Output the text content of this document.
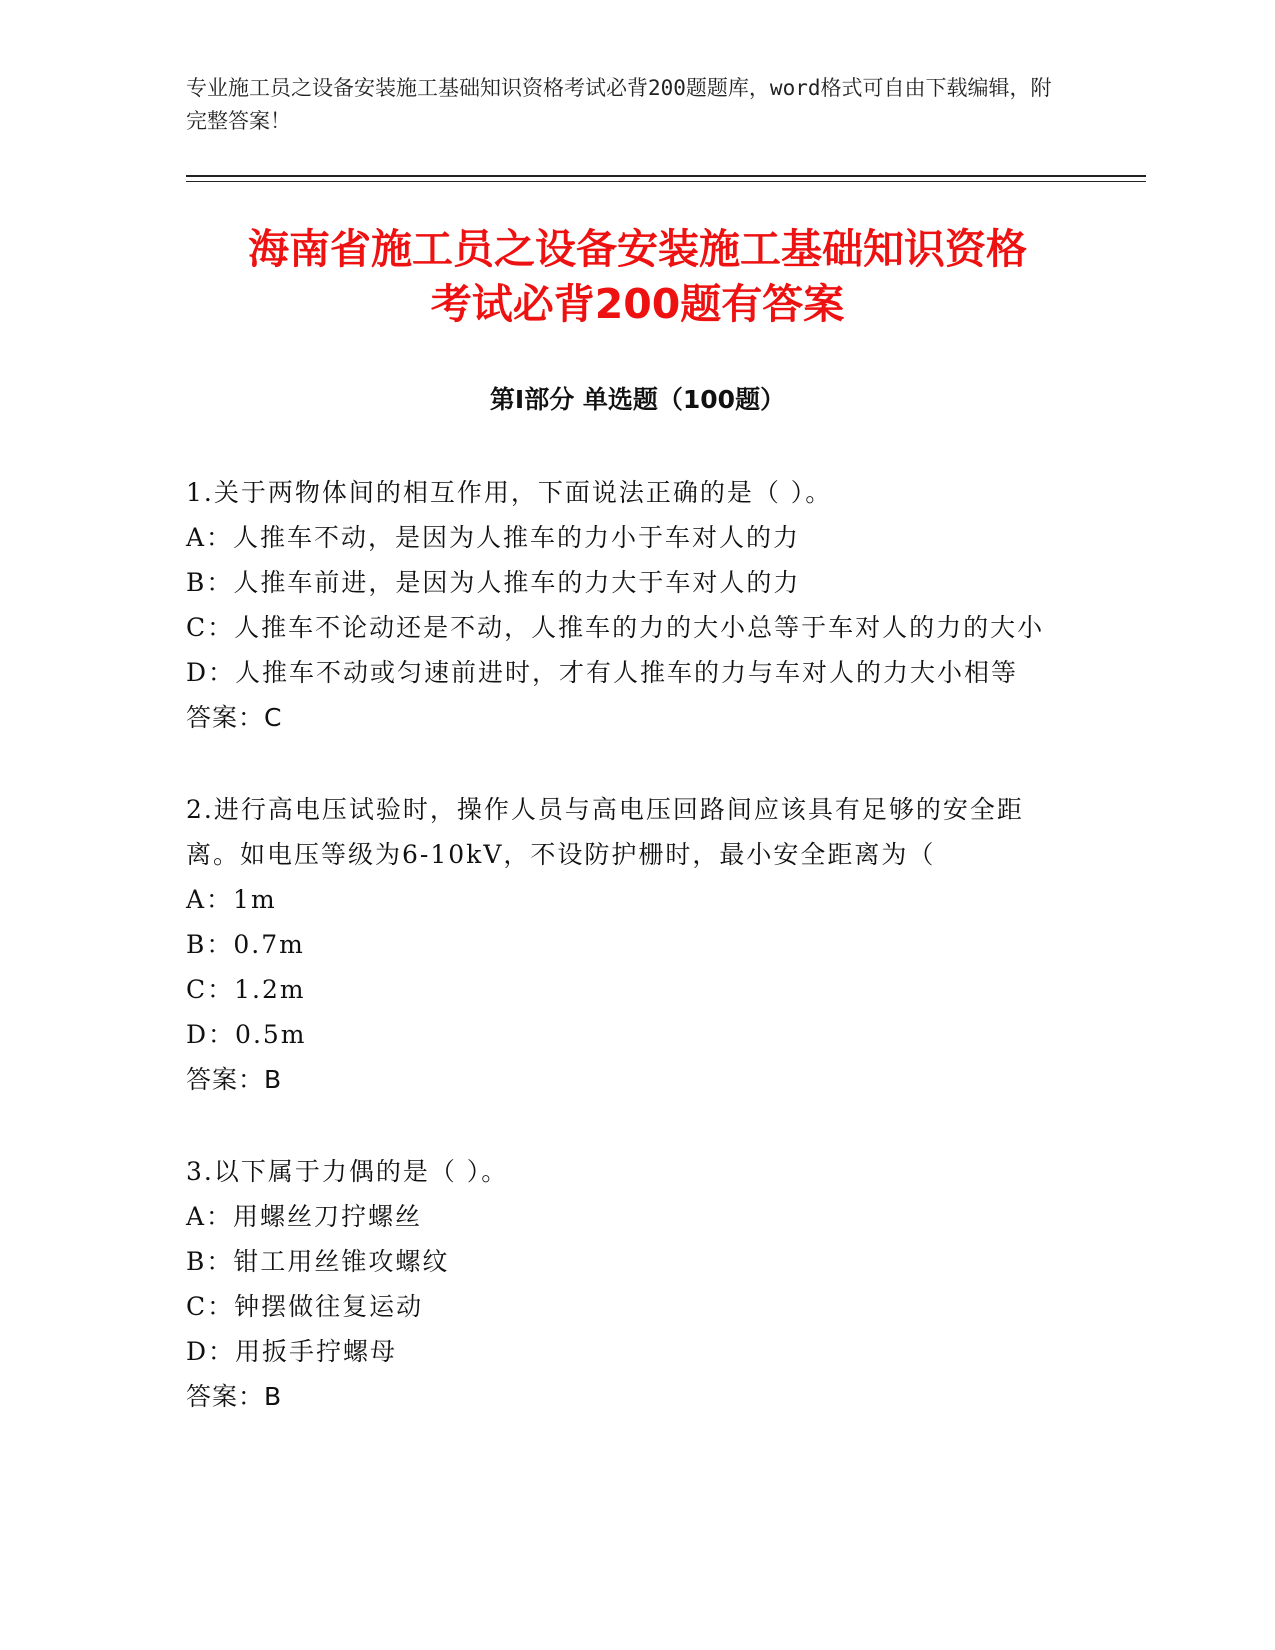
专业施工员之设备安装施工基础知识资格考试必背200题题库，word格式可自由下载编辑，附完整答案！
海南省施工员之设备安装施工基础知识资格
考试必背200题有答案
第Ⅰ部分 单选题（100题）
1.关于两物体间的相互作用，下面说法正确的是（ ）。
A：人推车不动，是因为人推车的力小于车对人的力
B：人推车前进，是因为人推车的力大于车对人的力
C：人推车不论动还是不动，人推车的力的大小总等于车对人的力的大小
D：人推车不动或匀速前进时，才有人推车的力与车对人的力大小相等
答案：C
2.进行高电压试验时，操作人员与高电压回路间应该具有足够的安全距离。如电压等级为6-10kV，不设防护栅时，最小安全距离为（
A：1m
B：0.7m
C：1.2m
D：0.5m
答案：B
3.以下属于力偶的是（ ）。
A：用螺丝刀拧螺丝
B：钳工用丝锥攻螺纹
C：钟摆做往复运动
D：用扳手拧螺母
答案：B
